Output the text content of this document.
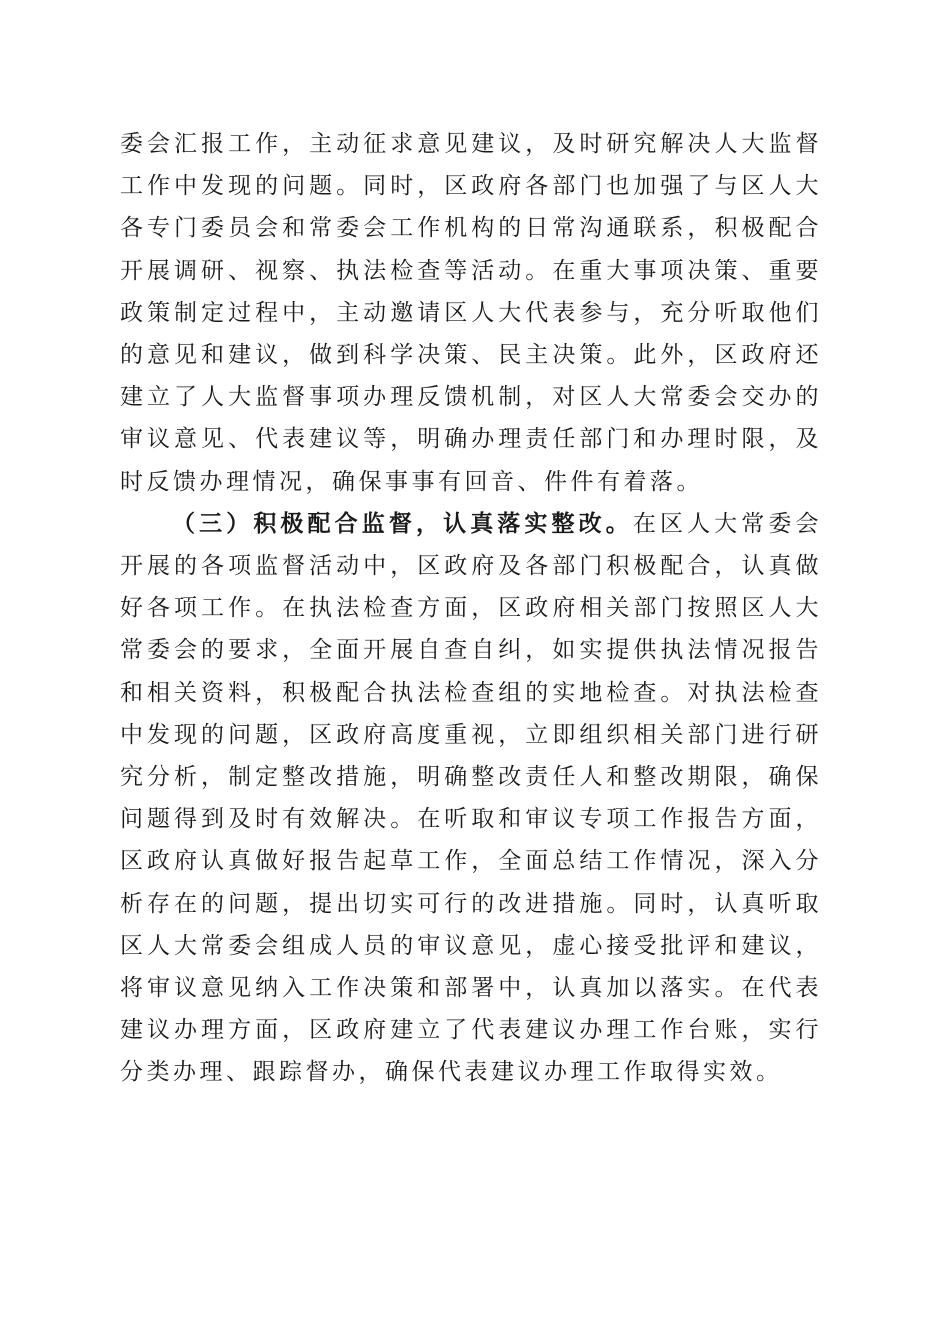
委会汇报工作，主动征求意见建议，及时研究解决人大监督工作中发现的问题。同时，区政府各部门也加强了与区人大各专门委员会和常委会工作机构的日常沟通联系，积极配合开展调研、视察、执法检查等活动。在重大事项决策、重要政策制定过程中，主动邀请区人大代表参与，充分听取他们的意见和建议，做到科学决策、民主决策。此外，区政府还建立了人大监督事项办理反馈机制，对区人大常委会交办的审议意见、代表建议等，明确办理责任部门和办理时限，及时反馈办理情况，确保事事有回音、件件有着落。

（三）积极配合监督，认真落实整改。在区人大常委会开展的各项监督活动中，区政府及各部门积极配合，认真做好各项工作。在执法检查方面，区政府相关部门按照区人大常委会的要求，全面开展自查自纠，如实提供执法情况报告和相关资料，积极配合执法检查组的实地检查。对执法检查中发现的问题，区政府高度重视，立即组织相关部门进行研究分析，制定整改措施，明确整改责任人和整改期限，确保问题得到及时有效解决。在听取和审议专项工作报告方面，区政府认真做好报告起草工作，全面总结工作情况，深入分析存在的问题，提出切实可行的改进措施。同时，认真听取区人大常委会组成人员的审议意见，虚心接受批评和建议，将审议意见纳入工作决策和部署中，认真加以落实。在代表建议办理方面，区政府建立了代表建议办理工作台账，实行分类办理、跟踪督办，确保代表建议办理工作取得实效。
